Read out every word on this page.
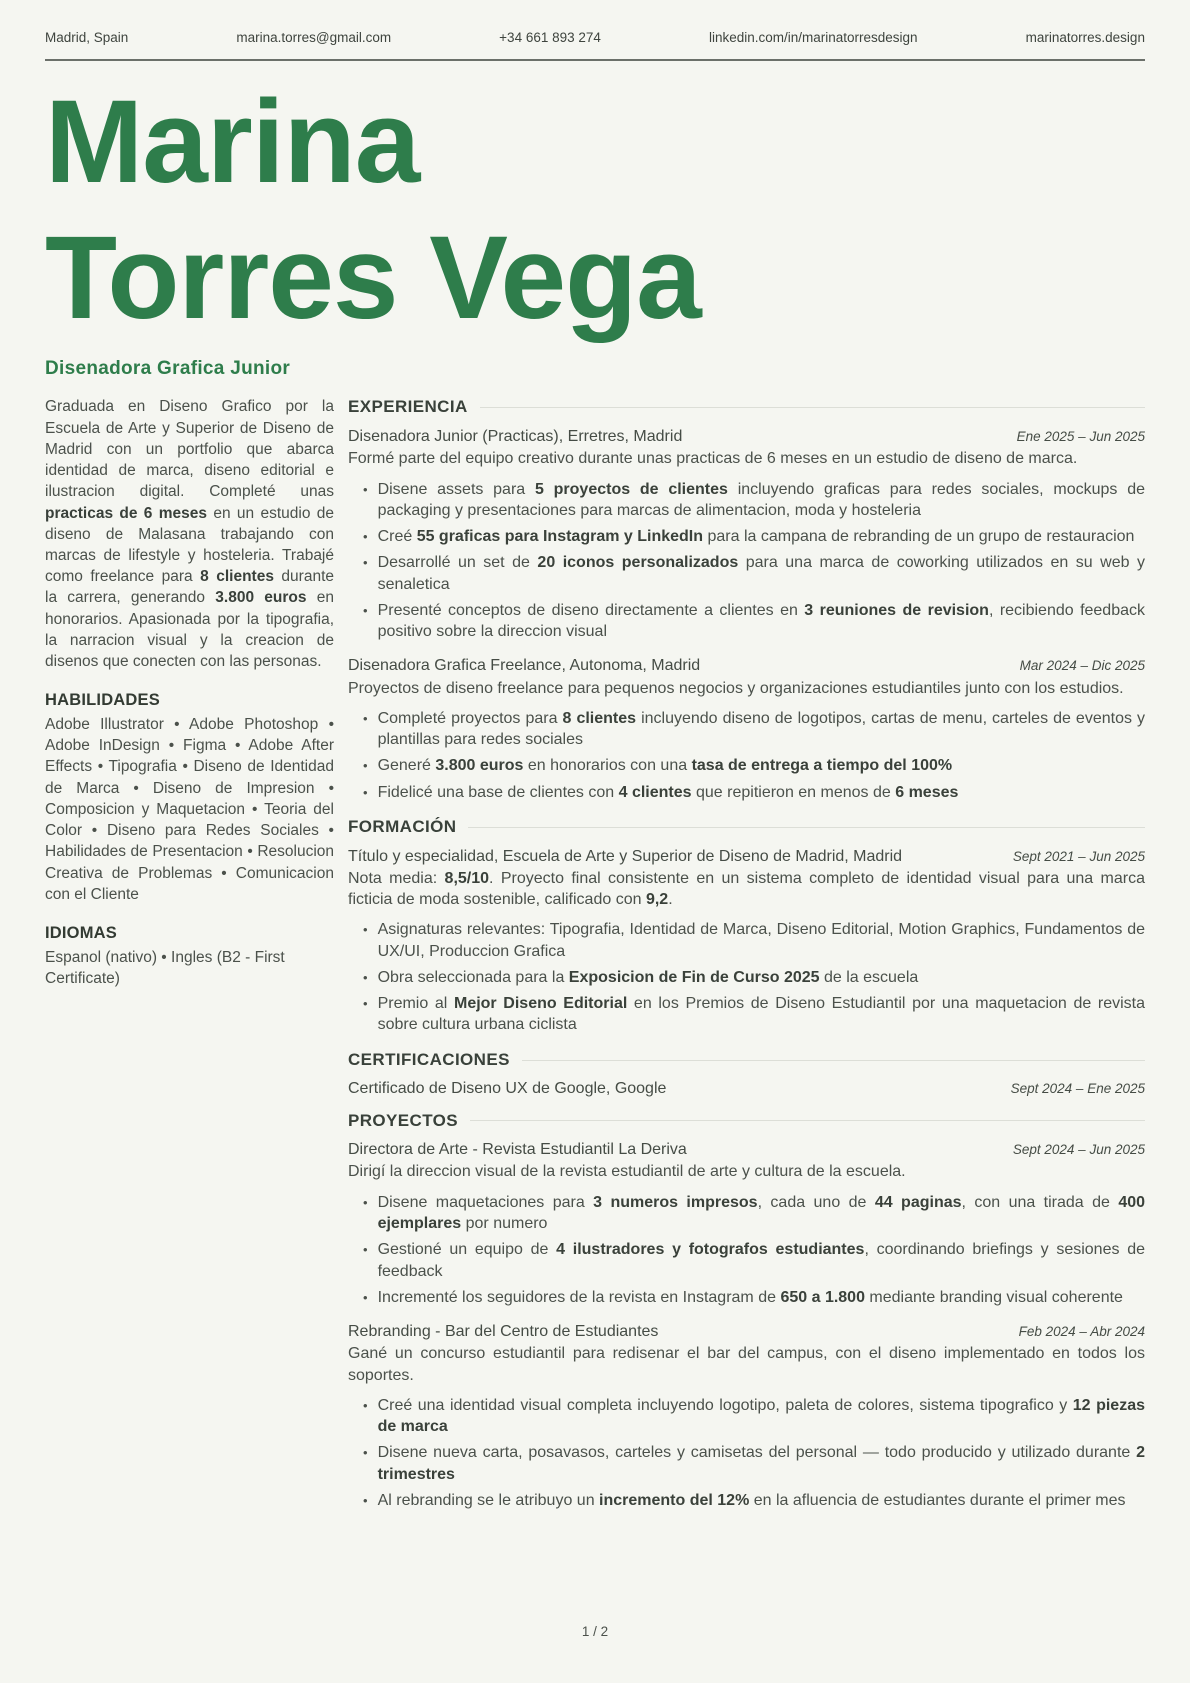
Madrid, Spain	marina.torres@gmail.com	+34 661 893 274	linkedin.com/in/marinatorresdesign	marinatorres.design
Marina
Torres Vega
Disenadora Grafica Junior

Graduada en Diseno Grafico por la Escuela de Arte y Superior de Diseno de Madrid con un portfolio que abarca identidad de marca, diseno editorial e ilustracion digital. Completé unas practicas de 6 meses en un estudio de diseno de Malasana trabajando con marcas de lifestyle y hosteleria. Trabajé como freelance para 8 clientes durante la carrera, generando 3.800 euros en honorarios. Apasionada por la tipografia, la narracion visual y la creacion de disenos que conecten con las personas.

HABILIDADES

Adobe Illustrator • Adobe Photoshop • Adobe InDesign • Figma • Adobe After Effects • Tipografia • Diseno de Identidad de Marca • Diseno de Impresion • Composicion y Maquetacion • Teoria del Color • Diseno para Redes Sociales • Habilidades de Presentacion • Resolucion Creativa de Problemas • Comunicacion con el Cliente

IDIOMAS

Espanol (nativo) • Ingles (B2 - First Certificate)

EXPERIENCIA
Disenadora Junior (Practicas), Erretres, Madrid	Ene 2025 – Jun 2025

Formé parte del equipo creativo durante unas practicas de 6 meses en un estudio de diseno de marca.

• Disene assets para 5 proyectos de clientes incluyendo graficas para redes sociales, mockups de packaging y presentaciones para marcas de alimentacion, moda y hosteleria
• Creé 55 graficas para Instagram y LinkedIn para la campana de rebranding de un grupo de restauracion
• Desarrollé un set de 20 iconos personalizados para una marca de coworking utilizados en su web y senaletica
• Presenté conceptos de diseno directamente a clientes en 3 reuniones de revision, recibiendo feedback positivo sobre la direccion visual
Disenadora Grafica Freelance, Autonoma, Madrid	Mar 2024 – Dic 2025

Proyectos de diseno freelance para pequenos negocios y organizaciones estudiantiles junto con los estudios.

• Completé proyectos para 8 clientes incluyendo diseno de logotipos, cartas de menu, carteles de eventos y plantillas para redes sociales
• Generé 3.800 euros en honorarios con una tasa de entrega a tiempo del 100%
• Fidelicé una base de clientes con 4 clientes que repitieron en menos de 6 meses
FORMACIÓN
Título y especialidad, Escuela de Arte y Superior de Diseno de Madrid, Madrid	Sept 2021 – Jun 2025

Nota media: 8,5/10. Proyecto final consistente en un sistema completo de identidad visual para una marca ficticia de moda sostenible, calificado con 9,2.

• Asignaturas relevantes: Tipografia, Identidad de Marca, Diseno Editorial, Motion Graphics, Fundamentos de UX/UI, Produccion Grafica
• Obra seleccionada para la Exposicion de Fin de Curso 2025 de la escuela
• Premio al Mejor Diseno Editorial en los Premios de Diseno Estudiantil por una maquetacion de revista sobre cultura urbana ciclista
CERTIFICACIONES
Certificado de Diseno UX de Google, Google	Sept 2024 – Ene 2025
PROYECTOS
Directora de Arte - Revista Estudiantil La Deriva	Sept 2024 – Jun 2025

Dirigí la direccion visual de la revista estudiantil de arte y cultura de la escuela.

• Disene maquetaciones para 3 numeros impresos, cada uno de 44 paginas, con una tirada de 400 ejemplares por numero
• Gestioné un equipo de 4 ilustradores y fotografos estudiantes, coordinando briefings y sesiones de feedback
• Incrementé los seguidores de la revista en Instagram de 650 a 1.800 mediante branding visual coherente
Rebranding - Bar del Centro de Estudiantes	Feb 2024 – Abr 2024

Gané un concurso estudiantil para redisenar el bar del campus, con el diseno implementado en todos los soportes.

• Creé una identidad visual completa incluyendo logotipo, paleta de colores, sistema tipografico y 12 piezas de marca
• Disene nueva carta, posavasos, carteles y camisetas del personal — todo producido y utilizado durante 2 trimestres
• Al rebranding se le atribuyo un incremento del 12% en la afluencia de estudiantes durante el primer mes
1 / 2
